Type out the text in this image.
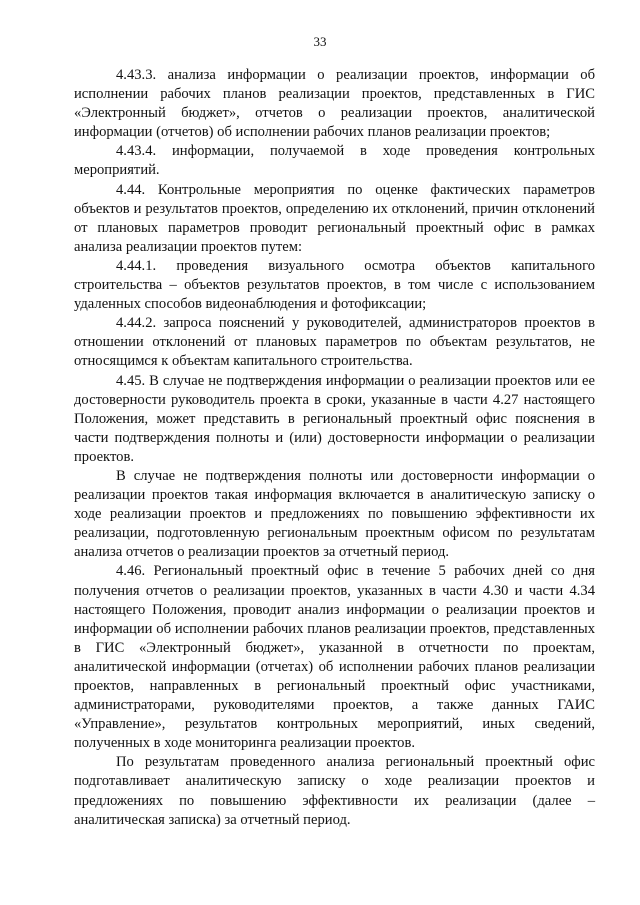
33

4.43.3. анализа информации о реализации проектов, информации об исполнении рабочих планов реализации проектов, представленных в ГИС «Электронный бюджет», отчетов о реализации проектов, аналитической информации (отчетов) об исполнении рабочих планов реализации проектов;

4.43.4. информации, получаемой в ходе проведения контрольных мероприятий.

4.44. Контрольные мероприятия по оценке фактических параметров объектов и результатов проектов, определению их отклонений, причин отклонений от плановых параметров проводит региональный проектный офис в рамках анализа реализации проектов путем:

4.44.1. проведения визуального осмотра объектов капитального строительства – объектов результатов проектов, в том числе с использованием удаленных способов видеонаблюдения и фотофиксации;

4.44.2. запроса пояснений у руководителей, администраторов проектов в отношении отклонений от плановых параметров по объектам результатов, не относящимся к объектам капитального строительства.

4.45. В случае не подтверждения информации о реализации проектов или ее достоверности руководитель проекта в сроки, указанные в части 4.27 настоящего Положения, может представить в региональный проектный офис пояснения в части подтверждения полноты и (или) достоверности информации о реализации проектов.

В случае не подтверждения полноты или достоверности информации о реализации проектов такая информация включается в аналитическую записку о ходе реализации проектов и предложениях по повышению эффективности их реализации, подготовленную региональным проектным офисом по результатам анализа отчетов о реализации проектов за отчетный период.

4.46. Региональный проектный офис в течение 5 рабочих дней со дня получения отчетов о реализации проектов, указанных в части 4.30 и части 4.34 настоящего Положения, проводит анализ информации о реализации проектов и информации об исполнении рабочих планов реализации проектов, представленных в ГИС «Электронный бюджет», указанной в отчетности по проектам, аналитической информации (отчетах) об исполнении рабочих планов реализации проектов, направленных в региональный проектный офис участниками, администраторами, руководителями проектов, а также данных ГАИС «Управление», результатов контрольных мероприятий, иных сведений, полученных в ходе мониторинга реализации проектов.

По результатам проведенного анализа региональный проектный офис подготавливает аналитическую записку о ходе реализации проектов и предложениях по повышению эффективности их реализации (далее – аналитическая записка) за отчетный период.
